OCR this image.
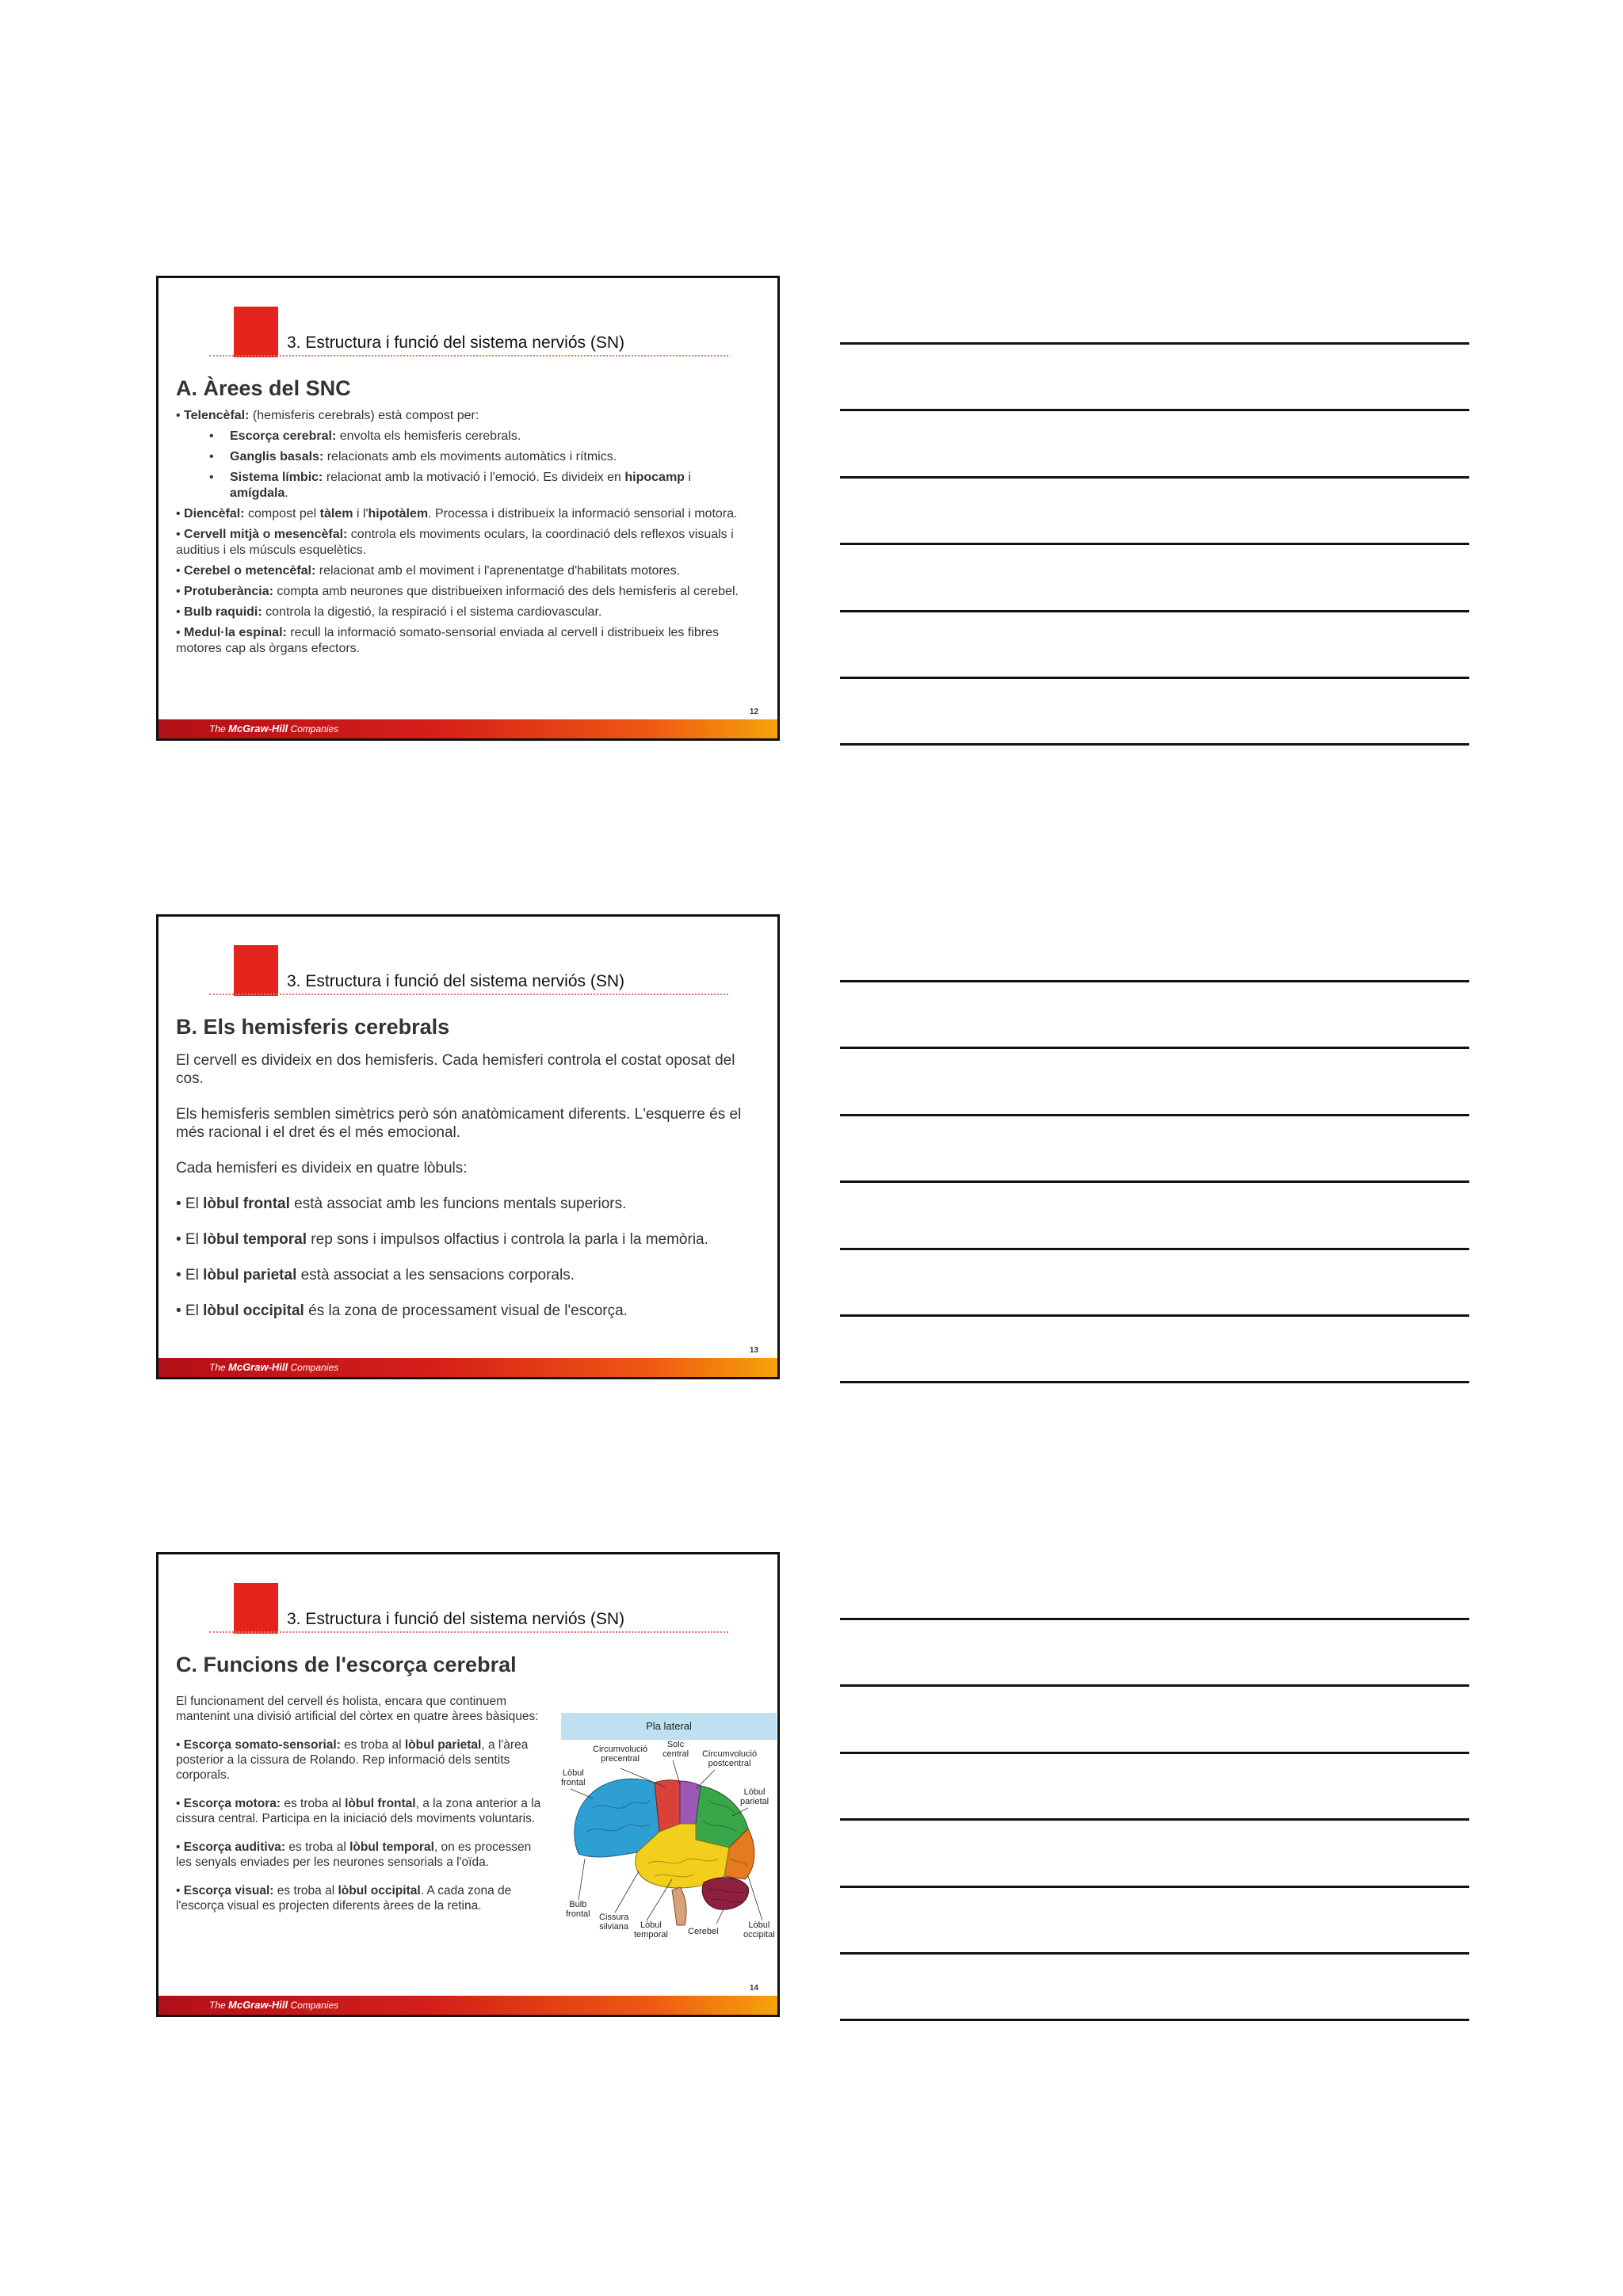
3. Estructura i funció del sistema nerviós (SN)
A. Àrees del SNC

• Telencèfal: (hemisferis cerebrals) està compost per:

• Escorça cerebral: envolta els hemisferis cerebrals.

• Ganglis basals: relacionats amb els moviments automàtics i rítmics.

• Sistema límbic: relacionat amb la motivació i l'emoció. Es divideix en hipocamp i amígdala.

• Diencèfal: compost pel tàlem i l'hipotàlem. Processa i distribueix la informació sensorial i motora.

• Cervell mitjà o mesencèfal: controla els moviments oculars, la coordinació dels reflexos visuals i auditius i els músculs esquelètics.

• Cerebel o metencèfal: relacionat amb el moviment i l'aprenentatge d'habilitats motores.

• Protuberància: compta amb neurones que distribueixen informació des dels hemisferis al cerebel.

• Bulb raquidi: controla la digestió, la respiració i el sistema cardiovascular.

• Medul·la espinal: recull la informació somato-sensorial enviada al cervell i distribueix les fibres motores cap als òrgans efectors.

12
The McGraw-Hill Companies
3. Estructura i funció del sistema nerviós (SN)
B. Els hemisferis cerebrals

El cervell es divideix en dos hemisferis. Cada hemisferi controla el costat oposat del cos.

Els hemisferis semblen simètrics però són anatòmicament diferents. L'esquerre és el més racional i el dret és el més emocional.

Cada hemisferi es divideix en quatre lòbuls:

• El lòbul frontal està associat amb les funcions mentals superiors.

• El lòbul temporal rep sons i impulsos olfactius i controla la parla i la memòria.

• El lòbul parietal està associat a les sensacions corporals.

• El lòbul occipital és la zona de processament visual de l'escorça.

13
The McGraw-Hill Companies
3. Estructura i funció del sistema nerviós (SN)
C. Funcions de l'escorça cerebral

El funcionament del cervell és holista, encara que continuem mantenint una divisió artificial del còrtex en quatre àrees bàsiques:

• Escorça somato-sensorial: es troba al lòbul parietal, a l'àrea posterior a la cissura de Rolando. Rep informació dels sentits corporals.

• Escorça motora: es troba al lòbul frontal, a la zona anterior a la cissura central. Participa en la iniciació dels moviments voluntaris.

• Escorça auditiva: es troba al lòbul temporal, on es processen les senyals enviades per les neurones sensorials a l'oïda.

• Escorça visual: es troba al lòbul occipital. A cada zona de l'escorça visual es projecten diferents àrees de la retina.

Pla lateral
Circumvolució
precentral
Solc
central Circumvolució
postcentral
Lòbul
frontal
Lòbul
parietal
Bulb
frontal Cissura
silviana	Lòbul
temporal Cerebel
Lòbul
occipital
14
The McGraw-Hill Companies
